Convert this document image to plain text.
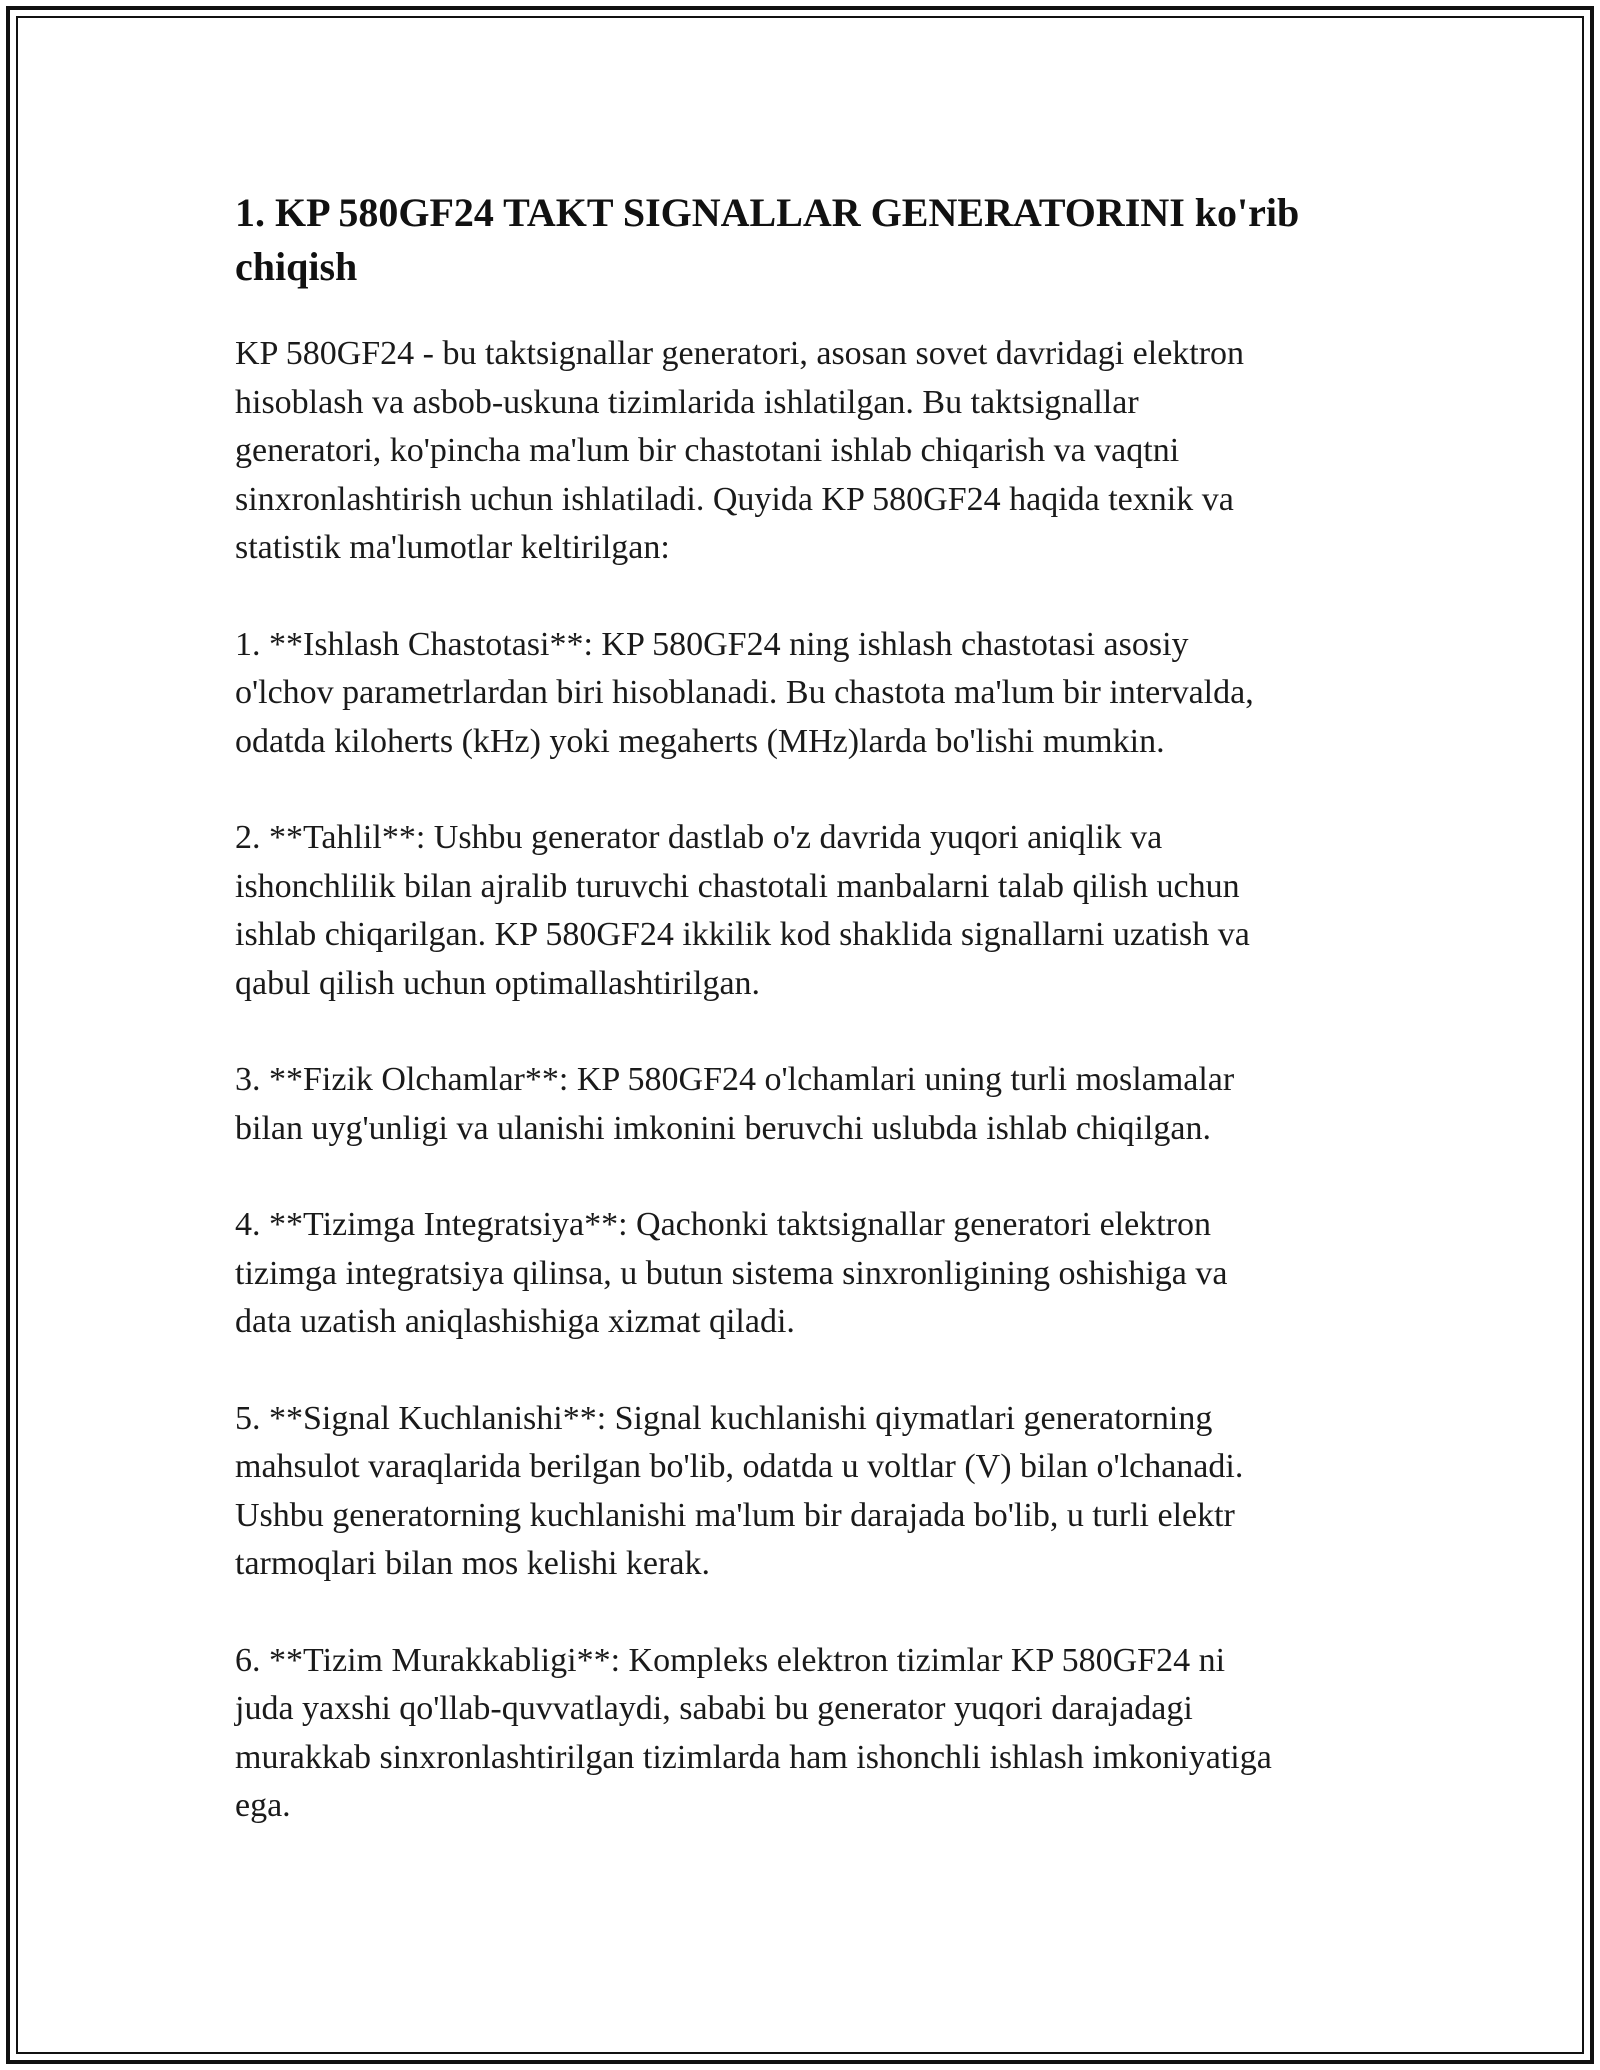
1. KP 580GF24 TAKT SIGNALLAR GENERATORINI ko'rib chiqish

KP 580GF24 - bu taktsignallar generatori, asosan sovet davridagi elektron
hisoblash va asbob-uskuna tizimlarida ishlatilgan. Bu taktsignallar
generatori, ko'pincha ma'lum bir chastotani ishlab chiqarish va vaqtni
sinxronlashtirish uchun ishlatiladi. Quyida KP 580GF24 haqida texnik va
statistik ma'lumotlar keltirilgan:

1. **Ishlash Chastotasi**: KP 580GF24 ning ishlash chastotasi asosiy
o'lchov parametrlardan biri hisoblanadi. Bu chastota ma'lum bir intervalda,
odatda kiloherts (kHz) yoki megaherts (MHz)larda bo'lishi mumkin.

2. **Tahlil**: Ushbu generator dastlab o'z davrida yuqori aniqlik va
ishonchlilik bilan ajralib turuvchi chastotali manbalarni talab qilish uchun
ishlab chiqarilgan. KP 580GF24 ikkilik kod shaklida signallarni uzatish va
qabul qilish uchun optimallashtirilgan.

3. **Fizik Olchamlar**: KP 580GF24 o'lchamlari uning turli moslamalar
bilan uyg'unligi va ulanishi imkonini beruvchi uslubda ishlab chiqilgan.

4. **Tizimga Integratsiya**: Qachonki taktsignallar generatori elektron
tizimga integratsiya qilinsa, u butun sistema sinxronligining oshishiga va
data uzatish aniqlashishiga xizmat qiladi.

5. **Signal Kuchlanishi**: Signal kuchlanishi qiymatlari generatorning
mahsulot varaqlarida berilgan bo'lib, odatda u voltlar (V) bilan o'lchanadi.
Ushbu generatorning kuchlanishi ma'lum bir darajada bo'lib, u turli elektr
tarmoqlari bilan mos kelishi kerak.

6. **Tizim Murakkabligi**: Kompleks elektron tizimlar KP 580GF24 ni
juda yaxshi qo'llab-quvvatlaydi, sababi bu generator yuqori darajadagi
murakkab sinxronlashtirilgan tizimlarda ham ishonchli ishlash imkoniyatiga
ega.
